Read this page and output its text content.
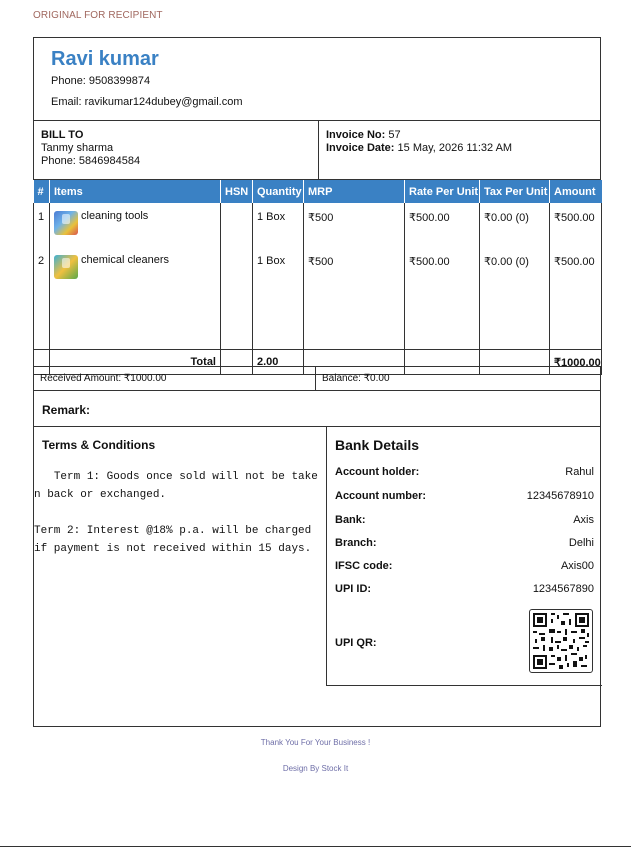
ORIGINAL FOR RECIPIENT
Ravi kumar
Phone: 9508399874
Email: ravikumar124dubey@gmail.com
BILL TO
Tanmy sharma
Phone: 5846984584
Invoice No: 57
Invoice Date: 15 May, 2026 11:32 AM
#	Items	HSN	Quantity	MRP	Rate Per Unit	Tax Per Unit	Amount
1	cleaning tools		1 Box	₹500	₹500.00	₹0.00 (0)	₹500.00
2	chemical cleaners		1 Box	₹500	₹500.00	₹0.00 (0)	₹500.00

	Total		2.00				₹1000.00
Received Amount: ₹1000.00	Balance: ₹0.00
Remark:
Terms & Conditions
Term 1: Goods once sold will not be taken back or exchanged.

Term 2: Interest @18% p.a. will be charged if payment is not received within 15 days.
Bank Details
Account holder:	Rahul
Account number:	12345678910
Bank:	Axis
Branch:	Delhi
IFSC code:	Axis00
UPI ID:	1234567890
UPI QR:
Thank You For Your Business !
Design By Stock It
